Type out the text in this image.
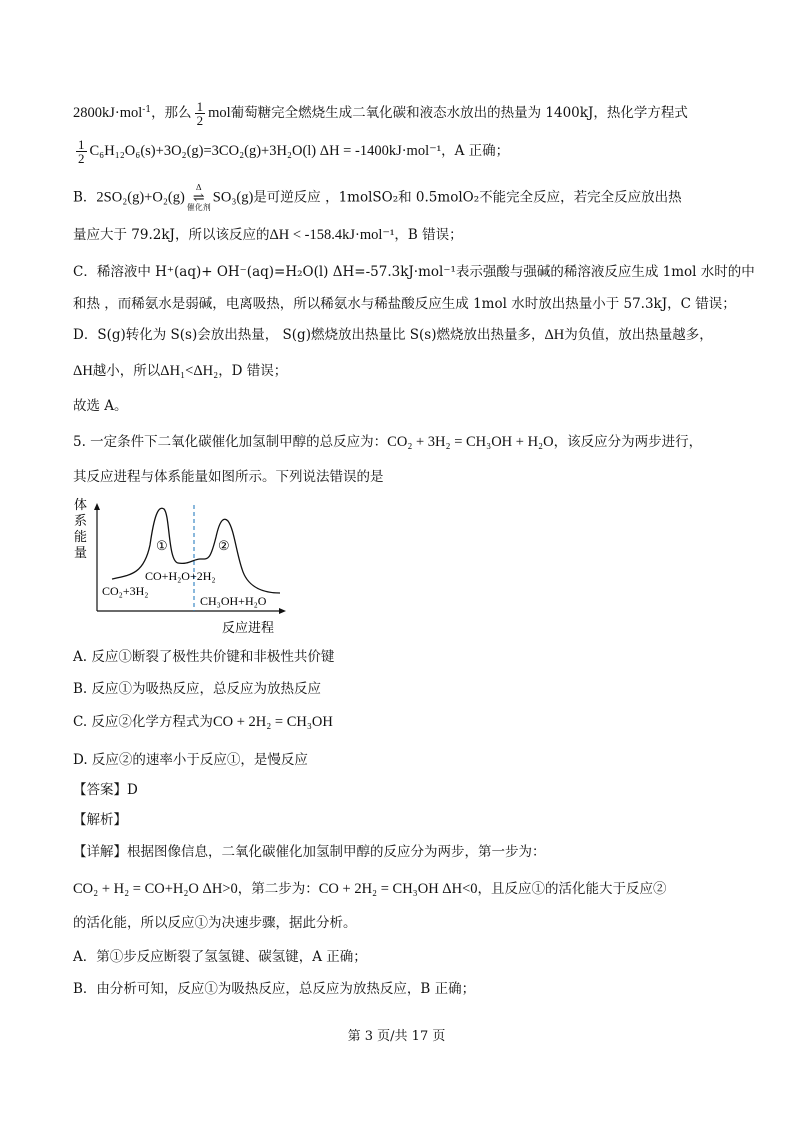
2800kJ·mol$^{-1}$，那么 $\frac{1}{2}$ mol葡萄糖完全燃烧生成二氧化碳和液态水放出的热量为 1400kJ，热化学方程式
$\frac{1}{2} C_6H_{12}O_6(s)+3O_2(g)=3CO_2(g)+3H_2O(l) \Delta H = -1400kJ\cdot mol^{-1}$，A 正确；
B．2SO₂(g)+O₂(g)
Δ
⇌
催化剂
SO₃(g)是可逆反应 ，1molSO₂和 0.5molO₂不能完全反应，若完全反应放出热
量应大于 79.2kJ，所以该反应的ΔH < -158.4kJ·mol⁻¹，B 错误；
C．稀溶液中 H⁺(aq)+ OH⁻(aq)=H₂O(l) ΔH=-57.3kJ·mol⁻¹表示强酸与强碱的稀溶液反应生成 1mol 水时的中
和热 ，而稀氨水是弱碱，电离吸热，所以稀氨水与稀盐酸反应生成 1mol 水时放出热量小于 57.3kJ，C 错误；
D．S(g)转化为 S(s)会放出热量， S(g)燃烧放出热量比 S(s)燃烧放出热量多，ΔH为负值，放出热量越多，
ΔH越小，所以ΔH₁<ΔH₂，D 错误；
故选 A。
5. 一定条件下二氧化碳催化加氢制甲醇的总反应为：CO₂ + 3H₂ = CH₃OH + H₂O，该反应分为两步进行，
其反应进程与体系能量如图所示。下列说法错误的是
体
系
能
量	①	②
CO+H₂O+2H₂
CO₂+3H₂
CH₃OH+H₂O
反应进程
A. 反应①断裂了极性共价键和非极性共价键
B. 反应①为吸热反应，总反应为放热反应
C. 反应②化学方程式为CO + 2H₂ = CH₃OH
D. 反应②的速率小于反应①，是慢反应
【答案】D
【解析】
【详解】根据图像信息，二氧化碳催化加氢制甲醇的反应分为两步，第一步为：
CO₂ + H₂ = CO+H₂O ΔH>0，第二步为：CO + 2H₂ = CH₃OH ΔH<0，且反应①的活化能大于反应②
的活化能，所以反应①为决速步骤，据此分析。
A．第①步反应断裂了氢氢键、碳氢键，A 正确；
B．由分析可知，反应①为吸热反应，总反应为放热反应，B 正确；
第 3 页/共 17 页
